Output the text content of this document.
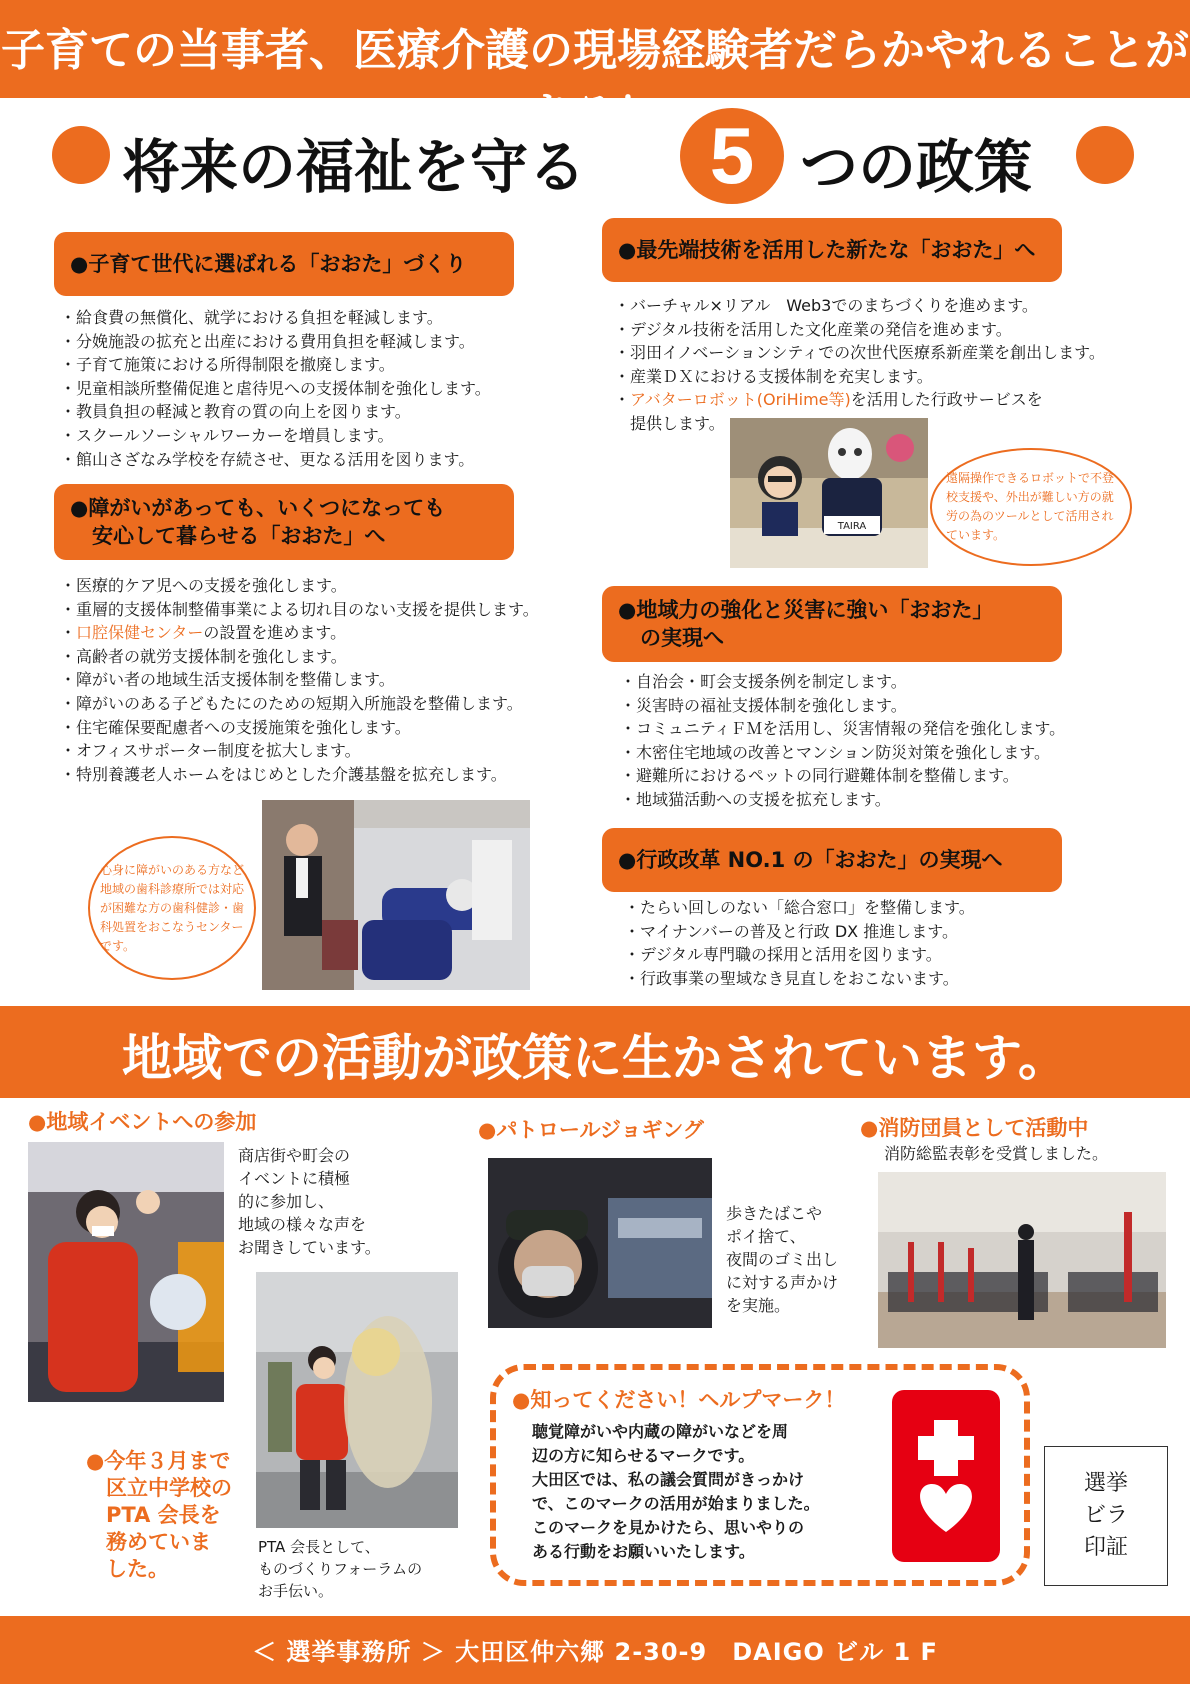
子育ての当事者、医療介護の現場経験者だらかやれることがある！
将来の福祉を守る	5 つの政策
●子育て世代に選ばれる「おおた」づくり
・ 給食費の無償化、就学における負担を軽減します。
・ 分娩施設の拡充と出産における費用負担を軽減します。
・ 子育て施策における所得制限を撤廃します。
・ 児童相談所整備促進と虐待児への支援体制を強化します。
・ 教員負担の軽減と教育の質の向上を図ります。
・ スクールソーシャルワーカーを増員します。
・ 館山さざなみ学校を存続させ、更なる活用を図ります。
●障がいがあっても、いくつになっても
安心して暮らせる「おおた」へ
・ 医療的ケア児への支援を強化します。
・ 重層的支援体制整備事業による切れ目のない支援を提供します。
・ 口腔保健センターの設置を進めます。
・ 高齢者の就労支援体制を強化します。
・ 障がい者の地域生活支援体制を整備します。
・ 障がいのある子どもたにのための短期入所施設を整備します。
・ 住宅確保要配慮者への支援施策を強化します。
・ オフィスサポーター制度を拡大します。
・ 特別養護老人ホームをはじめとした介護基盤を拡充します。
心身に障がいのある方など地域の歯科診療所では対応が困難な方の歯科健診・歯科処置をおこなうセンターです。
●最先端技術を活用した新たな「おおた」へ
・ バーチャル×リアル　Web3でのまちづくりを進めます。
・ デジタル技術を活用した文化産業の発信を進めます。
・ 羽田イノベーションシティでの次世代医療系新産業を創出します。
・ 産業ＤＸにおける支援体制を充実します。
・ アバターロボット(OriHime等)を活用した行政サービスを
提供します。
TAIRA
遠隔操作できるロボットで不登校支援や、外出が難しい方の就労の為のツールとして活用されています。
●地域力の強化と災害に強い「おおた」
の実現へ
・ 自治会・町会支援条例を制定します。
・ 災害時の福祉支援体制を強化します。
・ コミュニティＦＭを活用し、災害情報の発信を強化します。
・ 木密住宅地域の改善とマンション防災対策を強化します。
・ 避難所におけるペットの同行避難体制を整備します。
・ 地域猫活動への支援を拡充します。
●行政改革 NO.1 の「おおた」の実現へ
・ たらい回しのない「総合窓口」を整備します。
・ マイナンバーの普及と行政 DX 推進します。
・ デジタル専門職の採用と活用を図ります。
・ 行政事業の聖域なき見直しをおこないます。
地域での活動が政策に生かされています。
●地域イベントへの参加
商店街や町会の
イベントに積極
的に参加し、
地域の様々な声を
お聞きしています。
●今年３月まで
区立中学校の
PTA 会長を
務めていま
した。
PTA 会長として、
ものづくりフォーラムの
お手伝い。
●パトロールジョギング
歩きたばこや
ポイ捨て、
夜間のゴミ出し
に対する声かけ
を実施。
●消防団員として活動中
消防総監表彰を受賞しました。
●知ってください！ヘルプマーク！
聴覚障がいや内蔵の障がいなどを周
辺の方に知らせるマークです。
大田区では、私の議会質問がきっかけ
で、このマークの活用が始まりました。
このマークを見かけたら、思いやりの
ある行動をお願いいたします。
選挙
ビラ
印証
＜ 選挙事務所 ＞ 大田区仲六郷 2-30-9　DAIGO ビル 1 F
